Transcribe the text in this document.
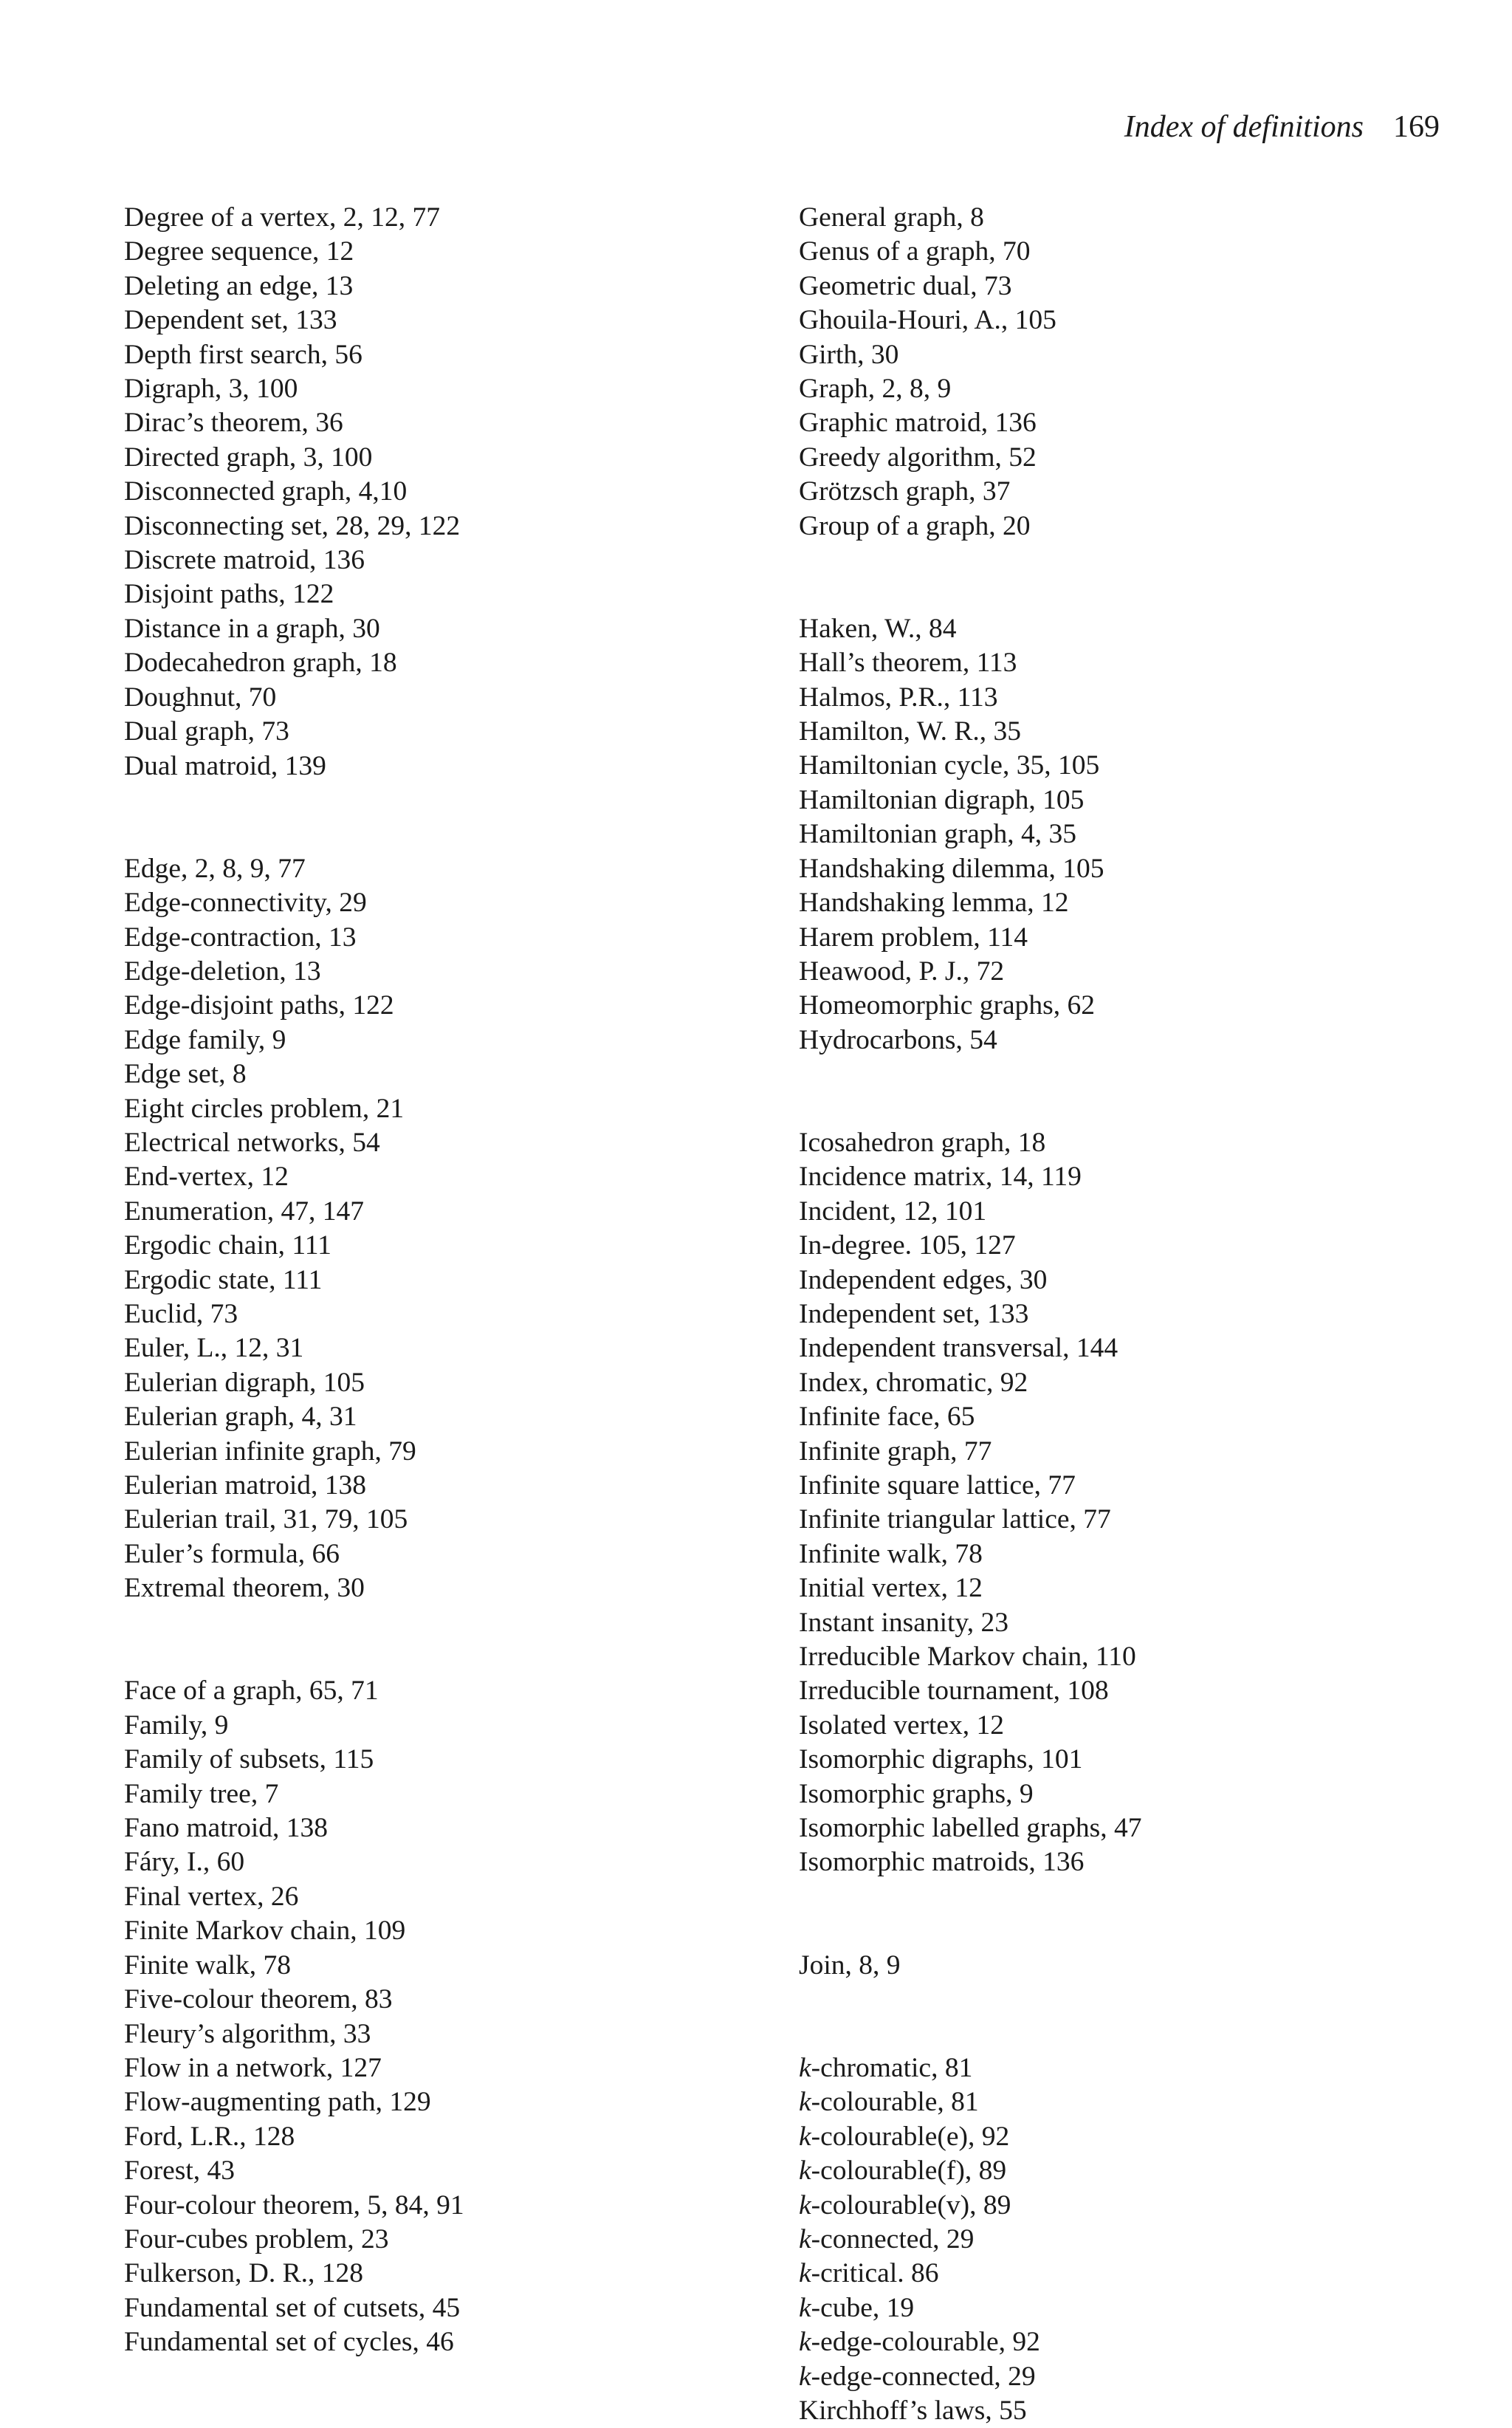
Index of definitions 169
Degree of a vertex, 2, 12, 77
Degree sequence, 12
Deleting an edge, 13
Dependent set, 133
Depth first search, 56
Digraph, 3, 100
Dirac’s theorem, 36
Directed graph, 3, 100
Disconnected graph, 4,10
Disconnecting set, 28, 29, 122
Discrete matroid, 136
Disjoint paths, 122
Distance in a graph, 30
Dodecahedron graph, 18
Doughnut, 70
Dual graph, 73
Dual matroid, 139
Edge, 2, 8, 9, 77
Edge-connectivity, 29
Edge-contraction, 13
Edge-deletion, 13
Edge-disjoint paths, 122
Edge family, 9
Edge set, 8
Eight circles problem, 21
Electrical networks, 54
End-vertex, 12
Enumeration, 47, 147
Ergodic chain, 111
Ergodic state, 111
Euclid, 73
Euler, L., 12, 31
Eulerian digraph, 105
Eulerian graph, 4, 31
Eulerian infinite graph, 79
Eulerian matroid, 138
Eulerian trail, 31, 79, 105
Euler’s formula, 66
Extremal theorem, 30
Face of a graph, 65, 71
Family, 9
Family of subsets, 115
Family tree, 7
Fano matroid, 138
Fáry, I., 60
Final vertex, 26
Finite Markov chain, 109
Finite walk, 78
Five-colour theorem, 83
Fleury’s algorithm, 33
Flow in a network, 127
Flow-augmenting path, 129
Ford, L.R., 128
Forest, 43
Four-colour theorem, 5, 84, 91
Four-cubes problem, 23
Fulkerson, D. R., 128
Fundamental set of cutsets, 45
Fundamental set of cycles, 46
General graph, 8
Genus of a graph, 70
Geometric dual, 73
Ghouila-Houri, A., 105
Girth, 30
Graph, 2, 8, 9
Graphic matroid, 136
Greedy algorithm, 52
Grötzsch graph, 37
Group of a graph, 20
Haken, W., 84
Hall’s theorem, 113
Halmos, P.R., 113
Hamilton, W. R., 35
Hamiltonian cycle, 35, 105
Hamiltonian digraph, 105
Hamiltonian graph, 4, 35
Handshaking dilemma, 105
Handshaking lemma, 12
Harem problem, 114
Heawood, P. J., 72
Homeomorphic graphs, 62
Hydrocarbons, 54
Icosahedron graph, 18
Incidence matrix, 14, 119
Incident, 12, 101
In-degree. 105, 127
Independent edges, 30
Independent set, 133
Independent transversal, 144
Index, chromatic, 92
Infinite face, 65
Infinite graph, 77
Infinite square lattice, 77
Infinite triangular lattice, 77
Infinite walk, 78
Initial vertex, 12
Instant insanity, 23
Irreducible Markov chain, 110
Irreducible tournament, 108
Isolated vertex, 12
Isomorphic digraphs, 101
Isomorphic graphs, 9
Isomorphic labelled graphs, 47
Isomorphic matroids, 136
Join, 8, 9
k-chromatic, 81
k-colourable, 81
k-colourable(e), 92
k-colourable(f), 89
k-colourable(v), 89
k-connected, 29
k-critical. 86
k-cube, 19
k-edge-colourable, 92
k-edge-connected, 29
Kirchhoff’s laws, 55
